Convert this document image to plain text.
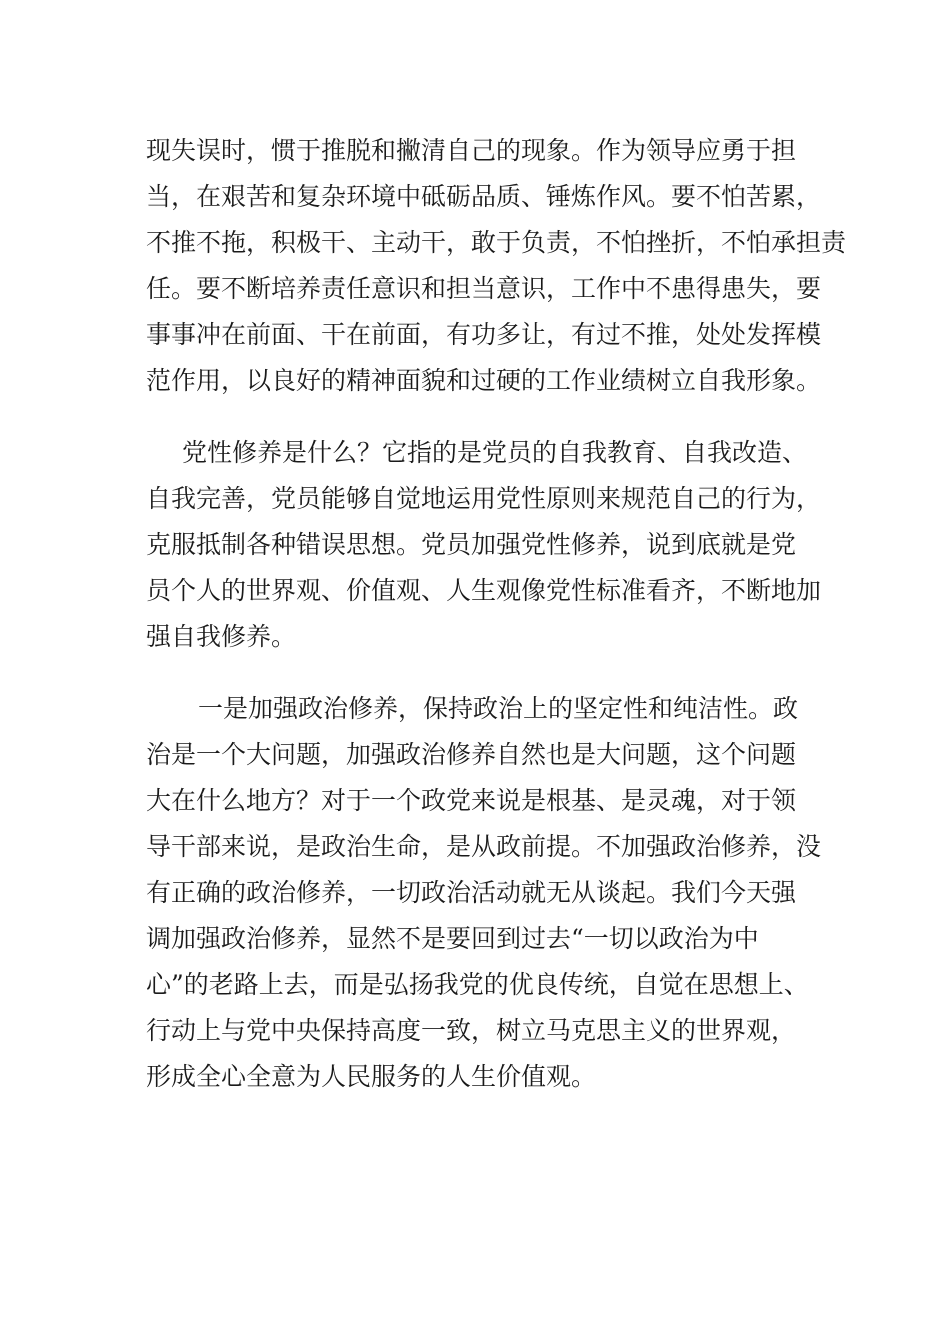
现失误时，惯于推脱和撇清自己的现象。作为领导应勇于担
当，在艰苦和复杂环境中砥砺品质、锤炼作风。要不怕苦累，
不推不拖，积极干、主动干，敢于负责，不怕挫折，不怕承担责
任。要不断培养责任意识和担当意识，工作中不患得患失，要
事事冲在前面、干在前面，有功多让，有过不推，处处发挥模
范作用，以良好的精神面貌和过硬的工作业绩树立自我形象。
党性修养是什么？它指的是党员的自我教育、自我改造、
自我完善，党员能够自觉地运用党性原则来规范自己的行为，
克服抵制各种错误思想。党员加强党性修养，说到底就是党
员个人的世界观、价值观、人生观像党性标准看齐，不断地加
强自我修养。
一是加强政治修养，保持政治上的坚定性和纯洁性。政
治是一个大问题，加强政治修养自然也是大问题，这个问题
大在什么地方？对于一个政党来说是根基、是灵魂，对于领
导干部来说，是政治生命，是从政前提。不加强政治修养，没
有正确的政治修养，一切政治活动就无从谈起。我们今天强
调加强政治修养，显然不是要回到过去“一切以政治为中
心”的老路上去，而是弘扬我党的优良传统，自觉在思想上、
行动上与党中央保持高度一致，树立马克思主义的世界观，
形成全心全意为人民服务的人生价值观。
